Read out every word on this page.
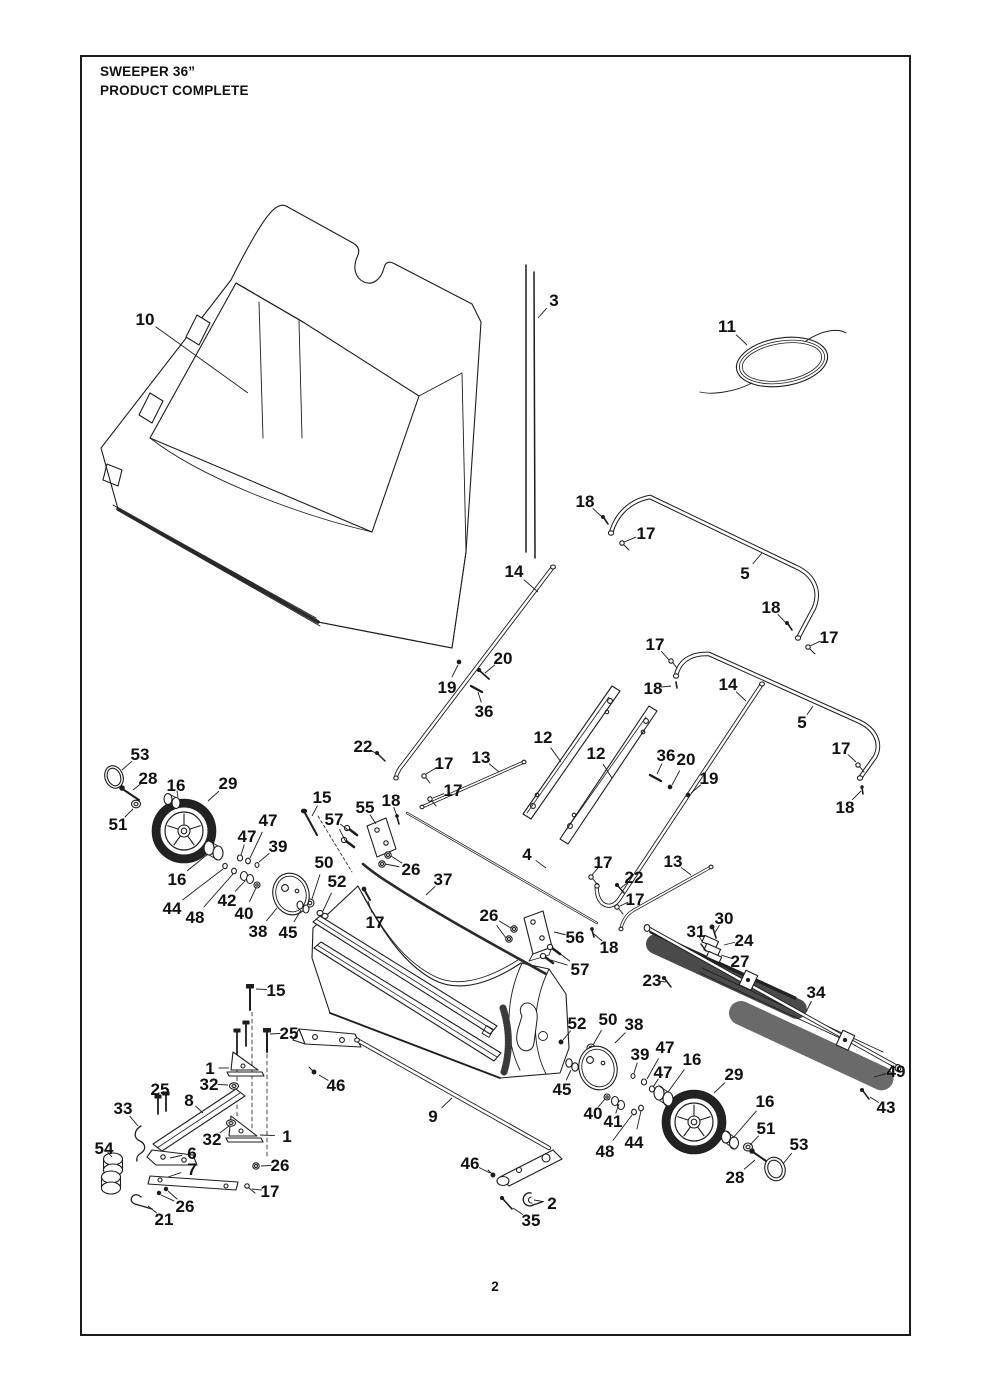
SWEEPER 36”
PRODUCT COMPLETE
10
3
11
18
17
14	5
18
17
17
18	14
5
20
19
36
17
18
36 20
19
22
17 13
17
12
12
15
55 18
57
17	13
22
17
4
50
52
26
37
17	26
56
18
57
30
31 24
27
23
34
49
43
52 50 38
39 47
47
16
29
45
40 41
44
48
16
51
53
28
15
25
1
32
25
8
33
54	6
7
32	1
26
17
26
21
46
9
46
2
35
53
28 16 29
51
16
44 48
42
40
47
47
39
38 45
2
